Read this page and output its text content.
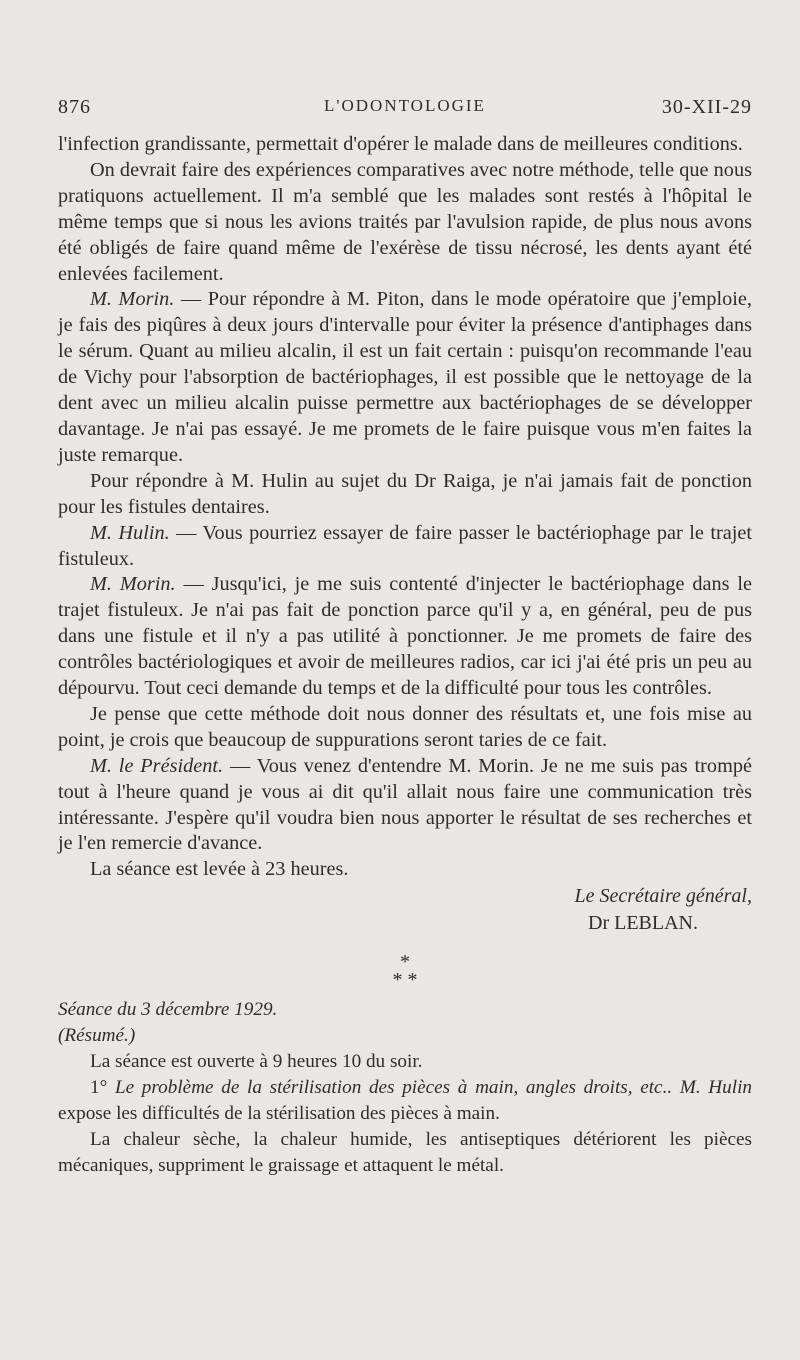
876	L'ODONTOLOGIE	30-XII-29

l'infection grandissante, permettait d'opérer le malade dans de meilleures conditions.

On devrait faire des expériences comparatives avec notre méthode, telle que nous pratiquons actuellement. Il m'a semblé que les malades sont restés à l'hôpital le même temps que si nous les avions traités par l'avulsion rapide, de plus nous avons été obligés de faire quand même de l'exérèse de tissu nécrosé, les dents ayant été enlevées facilement.

M. Morin. — Pour répondre à M. Piton, dans le mode opératoire que j'emploie, je fais des piqûres à deux jours d'intervalle pour éviter la présence d'antiphages dans le sérum. Quant au milieu alcalin, il est un fait certain : puisqu'on recommande l'eau de Vichy pour l'absorption de bactériophages, il est possible que le nettoyage de la dent avec un milieu alcalin puisse permettre aux bactériophages de se développer davantage. Je n'ai pas essayé. Je me promets de le faire puisque vous m'en faites la juste remarque.

Pour répondre à M. Hulin au sujet du Dr Raiga, je n'ai jamais fait de ponction pour les fistules dentaires.

M. Hulin. — Vous pourriez essayer de faire passer le bactériophage par le trajet fistuleux.

M. Morin. — Jusqu'ici, je me suis contenté d'injecter le bactériophage dans le trajet fistuleux. Je n'ai pas fait de ponction parce qu'il y a, en général, peu de pus dans une fistule et il n'y a pas utilité à ponctionner. Je me promets de faire des contrôles bactériologiques et avoir de meilleures radios, car ici j'ai été pris un peu au dépourvu. Tout ceci demande du temps et de la difficulté pour tous les contrôles.

Je pense que cette méthode doit nous donner des résultats et, une fois mise au point, je crois que beaucoup de suppurations seront taries de ce fait.

M. le Président. — Vous venez d'entendre M. Morin. Je ne me suis pas trompé tout à l'heure quand je vous ai dit qu'il allait nous faire une communication très intéressante. J'espère qu'il voudra bien nous apporter le résultat de ses recherches et je l'en remercie d'avance.

La séance est levée à 23 heures.

Le Secrétaire général,
Dr LEBLAN.
*
* *

Séance du 3 décembre 1929.

(Résumé.)

La séance est ouverte à 9 heures 10 du soir.

1° Le problème de la stérilisation des pièces à main, angles droits, etc.. M. Hulin expose les difficultés de la stérilisation des pièces à main.

La chaleur sèche, la chaleur humide, les antiseptiques détériorent les pièces mécaniques, suppriment le graissage et attaquent le métal.
